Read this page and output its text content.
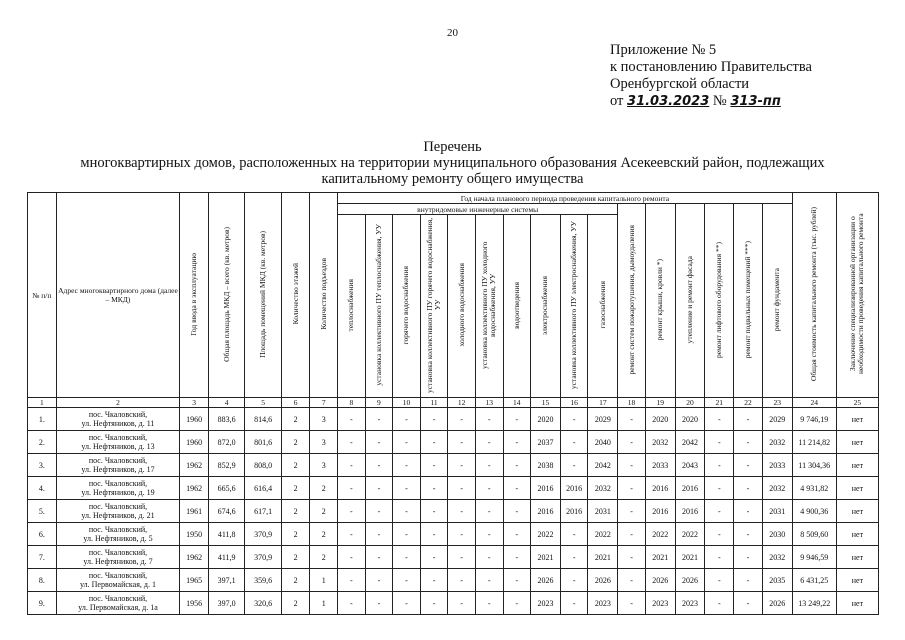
20
Приложение № 5
к постановлению Правительства
Оренбургской области
от 31.03.2023 № 313-пп
Перечень
многоквартирных домов, расположенных на территории муниципального образования Асекеевский район, подлежащих
капитальному ремонту общего имущества
№ п/п	Адрес многоквартирного дома (далее – МКД)	Год ввода в эксплуатацию	Общая площадь МКД – всего (кв. метров)	Площадь помещений МКД (кв. метров)	Количество этажей	Количество подъездов	Год начала планового периода проведения капитального ремонта																Общая стоимость капитального ремонта (тыс. рублей)	Заключение специализированной организации о необходимости проведения капитального ремонта
							внутридомовые инженерные системы										ремонт систем пожаротушения, дымоудаления	ремонт крыши, кровли *)	утепление и ремонт фасада	ремонт лифтового оборудования **)	ремонт подвальных помещений ***)	ремонт фундамента		
							теплоснабжения	установка коллективного ПУ теплоснабжения, УУ	горячего водоснабжения	установка коллективного ПУ горячего водоснабжения, УУ	холодного водоснабжения	установка коллективного ПУ холодного водоснабжения, УУ	водоотведения	электроснабжения	установка коллективного ПУ электроснабжения, УУ	газоснабжения								
1	2	3	4	5	6	7	8	9	10	11	12	13	14	15	16	17	18	19	20	21	22	23	24	25
1.	пос. Чкаловский,
ул. Нефтяников, д. 11	1960	883,6	814,6	2	3	-	-	-	-	-	-	-	2020	-	2029	-	2020	2020	-	-	2029	9 746,19	нет
2.	пос. Чкаловский,
ул. Нефтяников, д. 13	1960	872,0	801,6	2	3	-	-	-	-	-	-	-	2037	-	2040	-	2032	2042	-	-	2032	11 214,82	нет
3.	пос. Чкаловский,
ул. Нефтяников, д. 17	1962	852,9	808,0	2	3	-	-	-	-	-	-	-	2038	-	2042	-	2033	2043	-	-	2033	11 304,36	нет
4.	пос. Чкаловский,
ул. Нефтяников, д. 19	1962	665,6	616,4	2	2	-	-	-	-	-	-	-	2016	2016	2032	-	2016	2016	-	-	2032	4 931,82	нет
5.	пос. Чкаловский,
ул. Нефтяников, д. 21	1961	674,6	617,1	2	2	-	-	-	-	-	-	-	2016	2016	2031	-	2016	2016	-	-	2031	4 900,36	нет
6.	пос. Чкаловский,
ул. Нефтяников, д. 5	1950	411,8	370,9	2	2	-	-	-	-	-	-	-	2022	-	2022	-	2022	2022	-	-	2030	8 509,60	нет
7.	пос. Чкаловский,
ул. Нефтяников, д. 7	1962	411,9	370,9	2	2	-	-	-	-	-	-	-	2021	-	2021	-	2021	2021	-	-	2032	9 946,59	нет
8.	пос. Чкаловский,
ул. Первомайская, д. 1	1965	397,1	359,6	2	1	-	-	-	-	-	-	-	2026	-	2026	-	2026	2026	-	-	2035	6 431,25	нет
9.	пос. Чкаловский,
ул. Первомайская, д. 1а	1956	397,0	320,6	2	1	-	-	-	-	-	-	-	2023	-	2023	-	2023	2023	-	-	2026	13 249,22	нет
